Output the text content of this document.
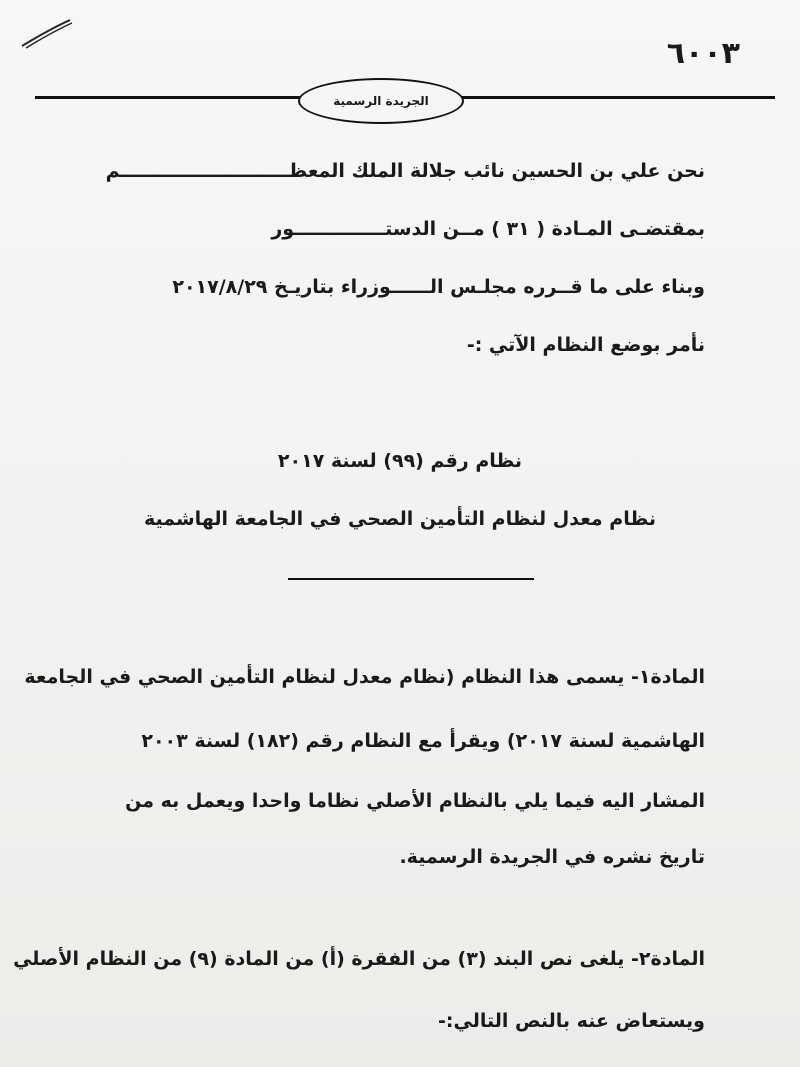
٦٠٠٣
الجريدة الرسمية
نحن علي بن الحسين نائب جلالة الملك المعظــــــــــــــــــــــــــم
بمقتضـى المـادة ( ٣١ ) مــن الدستــــــــــــــور
وبناء على ما قــرره مجلـس الــــــوزراء بتاريـخ ٢٠١٧/٨/٢٩
نأمر بوضع النظام الآتي :-
نظام رقم (٩٩) لسنة ٢٠١٧
نظام معدل لنظام التأمين الصحي في الجامعة الهاشمية
المادة١- يسمى هذا النظام (نظام معدل لنظام التأمين الصحي في الجامعة
الهاشمية لسنة ٢٠١٧) ويقرأ مع النظام رقم (١٨٢) لسنة ٢٠٠٣
المشار اليه فيما يلي بالنظام الأصلي نظاما واحدا ويعمل به من
تاريخ نشره في الجريدة الرسمية.
المادة٢- يلغى نص البند (٣) من الفقرة (أ) من المادة (٩) من النظام الأصلي
ويستعاض عنه بالنص التالي:-
